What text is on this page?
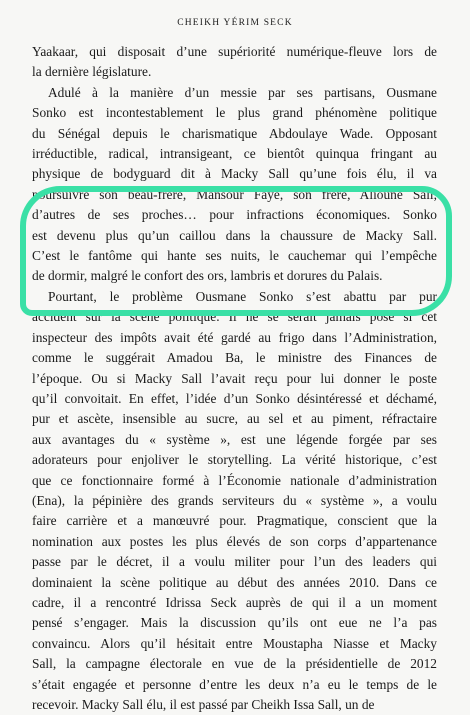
CHEIKH YÉRIM SECK

Yaakaar, qui disposait d’une supériorité numérique-fleuve lors de
la dernière législature.

Adulé à la manière d’un messie par ses partisans, Ousmane
Sonko est incontestablement le plus grand phénomène politique
du Sénégal depuis le charismatique Abdoulaye Wade. Opposant
irréductible, radical, intransigeant, ce bientôt quinqua fringant au
physique de bodyguard dit à Macky Sall qu’une fois élu, il va
poursuivre son beau-frère, Mansour Faye, son frère, Alioune Sall,
d’autres de ses proches… pour infractions économiques. Sonko
est devenu plus qu’un caillou dans la chaussure de Macky Sall.
C’est le fantôme qui hante ses nuits, le cauchemar qui l’empêche
de dormir, malgré le confort des ors, lambris et dorures du Palais.

Pourtant, le problème Ousmane Sonko s’est abattu par pur
accident sur la scène politique. Il ne se serait jamais posé si cet
inspecteur des impôts avait été gardé au frigo dans l’Administration,
comme le suggérait Amadou Ba, le ministre des Finances de
l’époque. Ou si Macky Sall l’avait reçu pour lui donner le poste
qu’il convoitait. En effet, l’idée d’un Sonko désintéressé et déchamé,
pur et ascète, insensible au sucre, au sel et au piment, réfractaire
aux avantages du « système », est une légende forgée par ses
adorateurs pour enjoliver le storytelling. La vérité historique, c’est
que ce fonctionnaire formé à l’Économie nationale d’administration
(Ena), la pépinière des grands serviteurs du « système », a voulu
faire carrière et a manœuvré pour. Pragmatique, conscient que la
nomination aux postes les plus élevés de son corps d’appartenance
passe par le décret, il a voulu militer pour l’un des leaders qui
dominaient la scène politique au début des années 2010. Dans ce
cadre, il a rencontré Idrissa Seck auprès de qui il a un moment
pensé s’engager. Mais la discussion qu’ils ont eue ne l’a pas
convaincu. Alors qu’il hésitait entre Moustapha Niasse et Macky
Sall, la campagne électorale en vue de la présidentielle de 2012
s’était engagée et personne d’entre les deux n’a eu le temps de le
recevoir. Macky Sall élu, il est passé par Cheikh Issa Sall, un de
